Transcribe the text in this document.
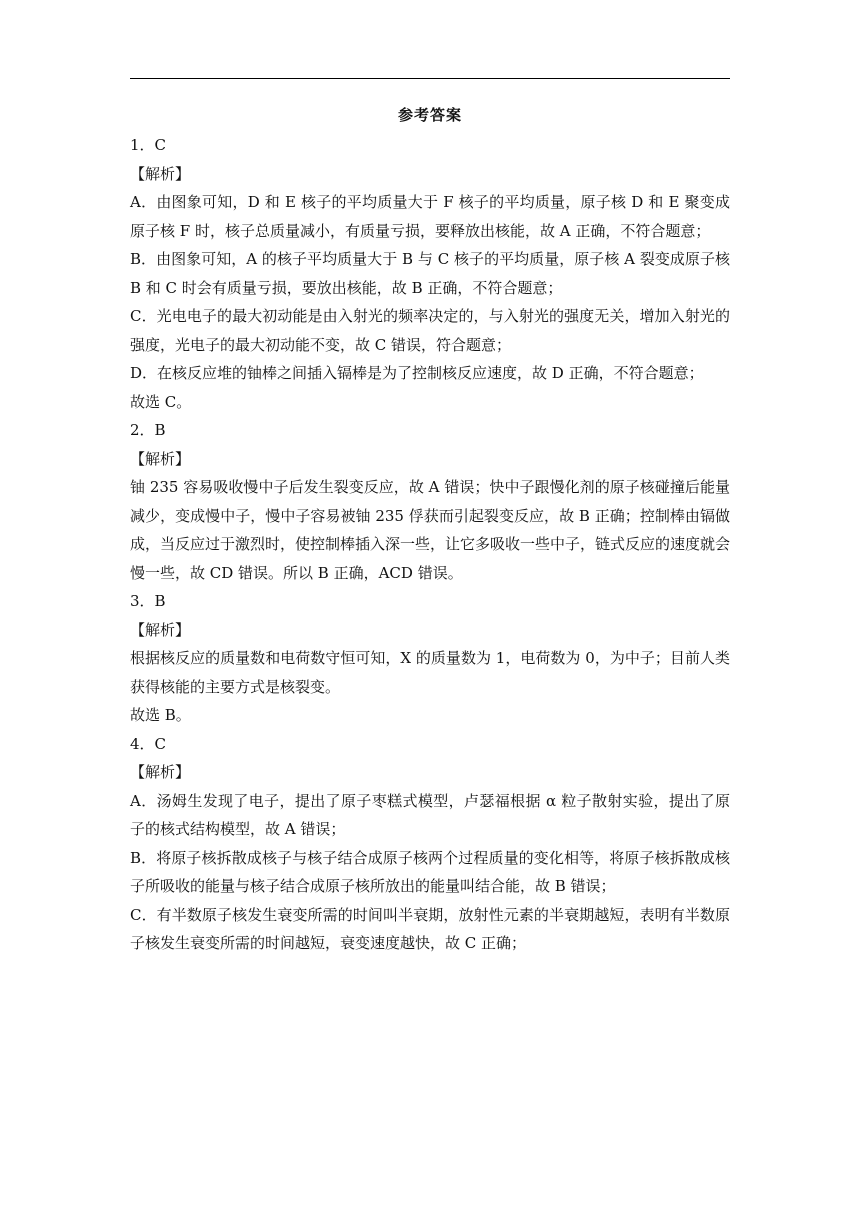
参考答案

1．C

【解析】

A．由图象可知，D 和 E 核子的平均质量大于 F 核子的平均质量，原子核 D 和 E 聚变成原子核 F 时，核子总质量减小，有质量亏损，要释放出核能，故 A 正确，不符合题意；

B．由图象可知，A 的核子平均质量大于 B 与 C 核子的平均质量，原子核 A 裂变成原子核 B 和 C 时会有质量亏损，要放出核能，故 B 正确，不符合题意；

C．光电电子的最大初动能是由入射光的频率决定的，与入射光的强度无关，增加入射光的强度，光电子的最大初动能不变，故 C 错误，符合题意；

D．在核反应堆的铀棒之间插入镉棒是为了控制核反应速度，故 D 正确，不符合题意；

故选 C。

2．B

【解析】

铀 235 容易吸收慢中子后发生裂变反应，故 A 错误；快中子跟慢化剂的原子核碰撞后能量减少，变成慢中子，慢中子容易被铀 235 俘获而引起裂变反应，故 B 正确；控制棒由镉做成，当反应过于激烈时，使控制棒插入深一些，让它多吸收一些中子，链式反应的速度就会慢一些，故 CD 错误。所以 B 正确，ACD 错误。

3．B

【解析】

根据核反应的质量数和电荷数守恒可知，X 的质量数为 1，电荷数为 0，为中子；目前人类获得核能的主要方式是核裂变。

故选 B。

4．C

【解析】

A．汤姆生发现了电子，提出了原子枣糕式模型，卢瑟福根据 α 粒子散射实验，提出了原子的核式结构模型，故 A 错误；

B．将原子核拆散成核子与核子结合成原子核两个过程质量的变化相等，将原子核拆散成核子所吸收的能量与核子结合成原子核所放出的能量叫结合能，故 B 错误；

C．有半数原子核发生衰变所需的时间叫半衰期，放射性元素的半衰期越短，表明有半数原子核发生衰变所需的时间越短，衰变速度越快，故 C 正确；
